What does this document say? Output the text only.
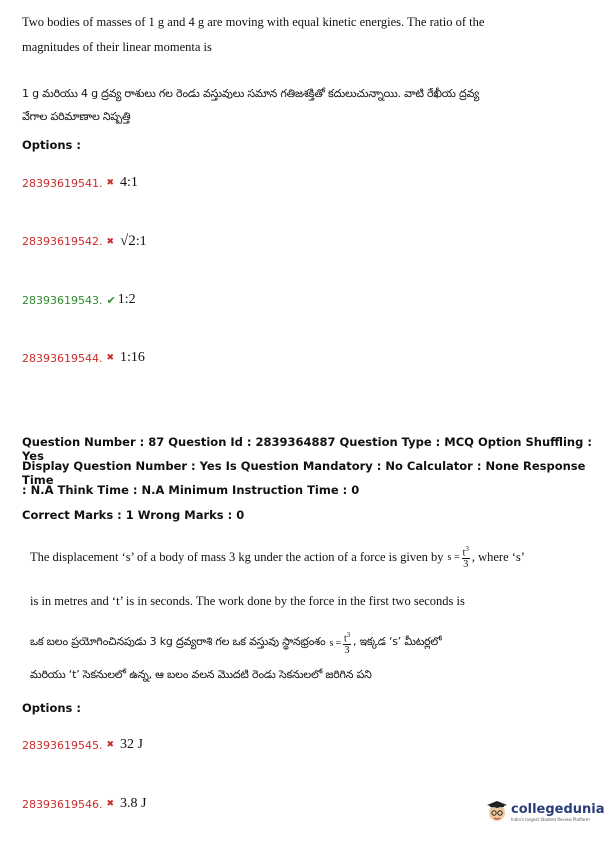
Two bodies of masses of 1 g and 4 g are moving with equal kinetic energies. The ratio of the
magnitudes of their linear momenta is
1 g మరియు 4 g ద్రవ్య రాశులు గల రెండు వస్తువులు సమాన గతిజశక్తితో కదులుచున్నాయి. వాటి రేఖీయ ద్రవ్య
వేగాల పరిమాణాల నిష్పత్తి
Options :
28393619541. ✖ 4:1
28393619542. ✖ √2 :1
28393619543. ✔ 1:2
28393619544. ✖ 1:16
Question Number : 87 Question Id : 2839364887 Question Type : MCQ Option Shuffling : Yes
Display Question Number : Yes Is Question Mandatory : No Calculator : None Response Time
: N.A Think Time : N.A Minimum Instruction Time : 0
Correct Marks : 1 Wrong Marks : 0
The displacement ‘s’ of a body of mass 3 kg under the action of a force is given by $s = \frac{t^3}{3}$ , where ‘s’
is in metres and ‘t’ is in seconds. The work done by the force in the first two seconds is
ఒక బలం ప్రయోగించినపుడు 3 kg ద్రవ్యరాశి గల ఒక వస్తువు స్థానభ్రంశం $s = \frac{t^3}{3}$ , ఇక్కడ ‘s’ మీటర్లలో
మరియు ‘t’ సెకనులలో ఉన్న, ఆ బలం వలన మొదటి రెండు సెకనులలో జరిగిన పని
Options :
28393619545. ✖ 32 J
28393619546. ✖ 3.8 J	collegedunia
India's largest Student Review Platform
